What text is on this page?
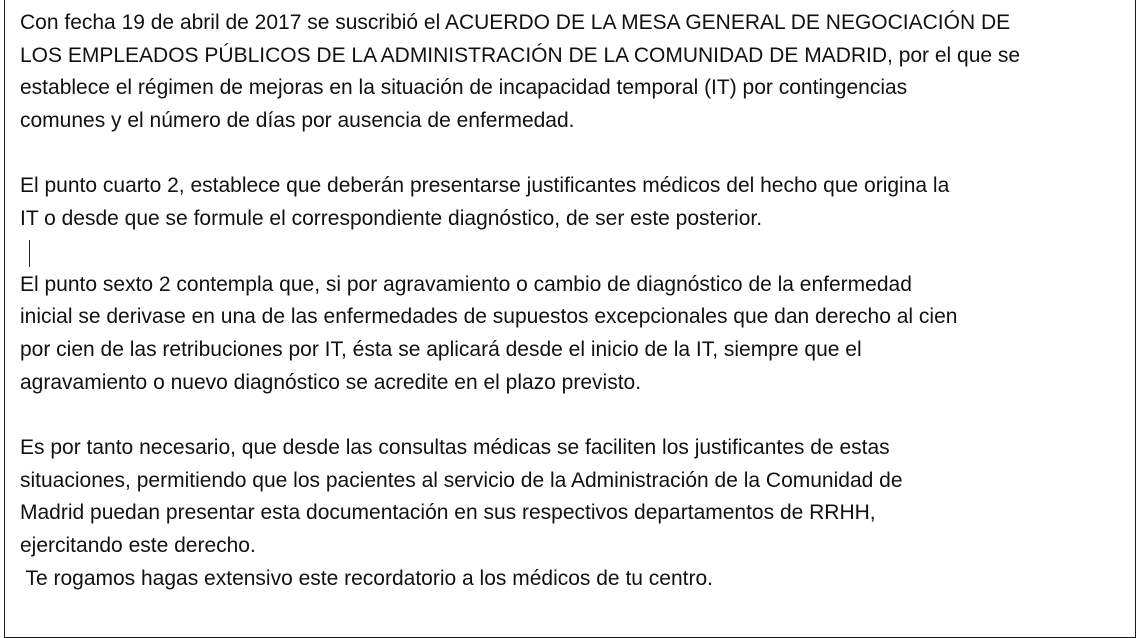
Con fecha 19 de abril de 2017 se suscribió el ACUERDO DE LA MESA GENERAL DE NEGOCIACIÓN DE
LOS EMPLEADOS PÚBLICOS DE LA ADMINISTRACIÓN DE LA COMUNIDAD DE MADRID, por el que se
establece el régimen de mejoras en la situación de incapacidad temporal (IT) por contingencias
comunes y el número de días por ausencia de enfermedad.

El punto cuarto 2, establece que deberán presentarse justificantes médicos del hecho que origina la
IT o desde que se formule el correspondiente diagnóstico, de ser este posterior.

El punto sexto 2 contempla que, si por agravamiento o cambio de diagnóstico de la enfermedad
inicial se derivase en una de las enfermedades de supuestos excepcionales que dan derecho al cien
por cien de las retribuciones por IT, ésta se aplicará desde el inicio de la IT, siempre que el
agravamiento o nuevo diagnóstico se acredite en el plazo previsto.

Es por tanto necesario, que desde las consultas médicas se faciliten los justificantes de estas
situaciones, permitiendo que los pacientes al servicio de la Administración de la Comunidad de
Madrid puedan presentar esta documentación en sus respectivos departamentos de RRHH,
ejercitando este derecho.
Te rogamos hagas extensivo este recordatorio a los médicos de tu centro.
